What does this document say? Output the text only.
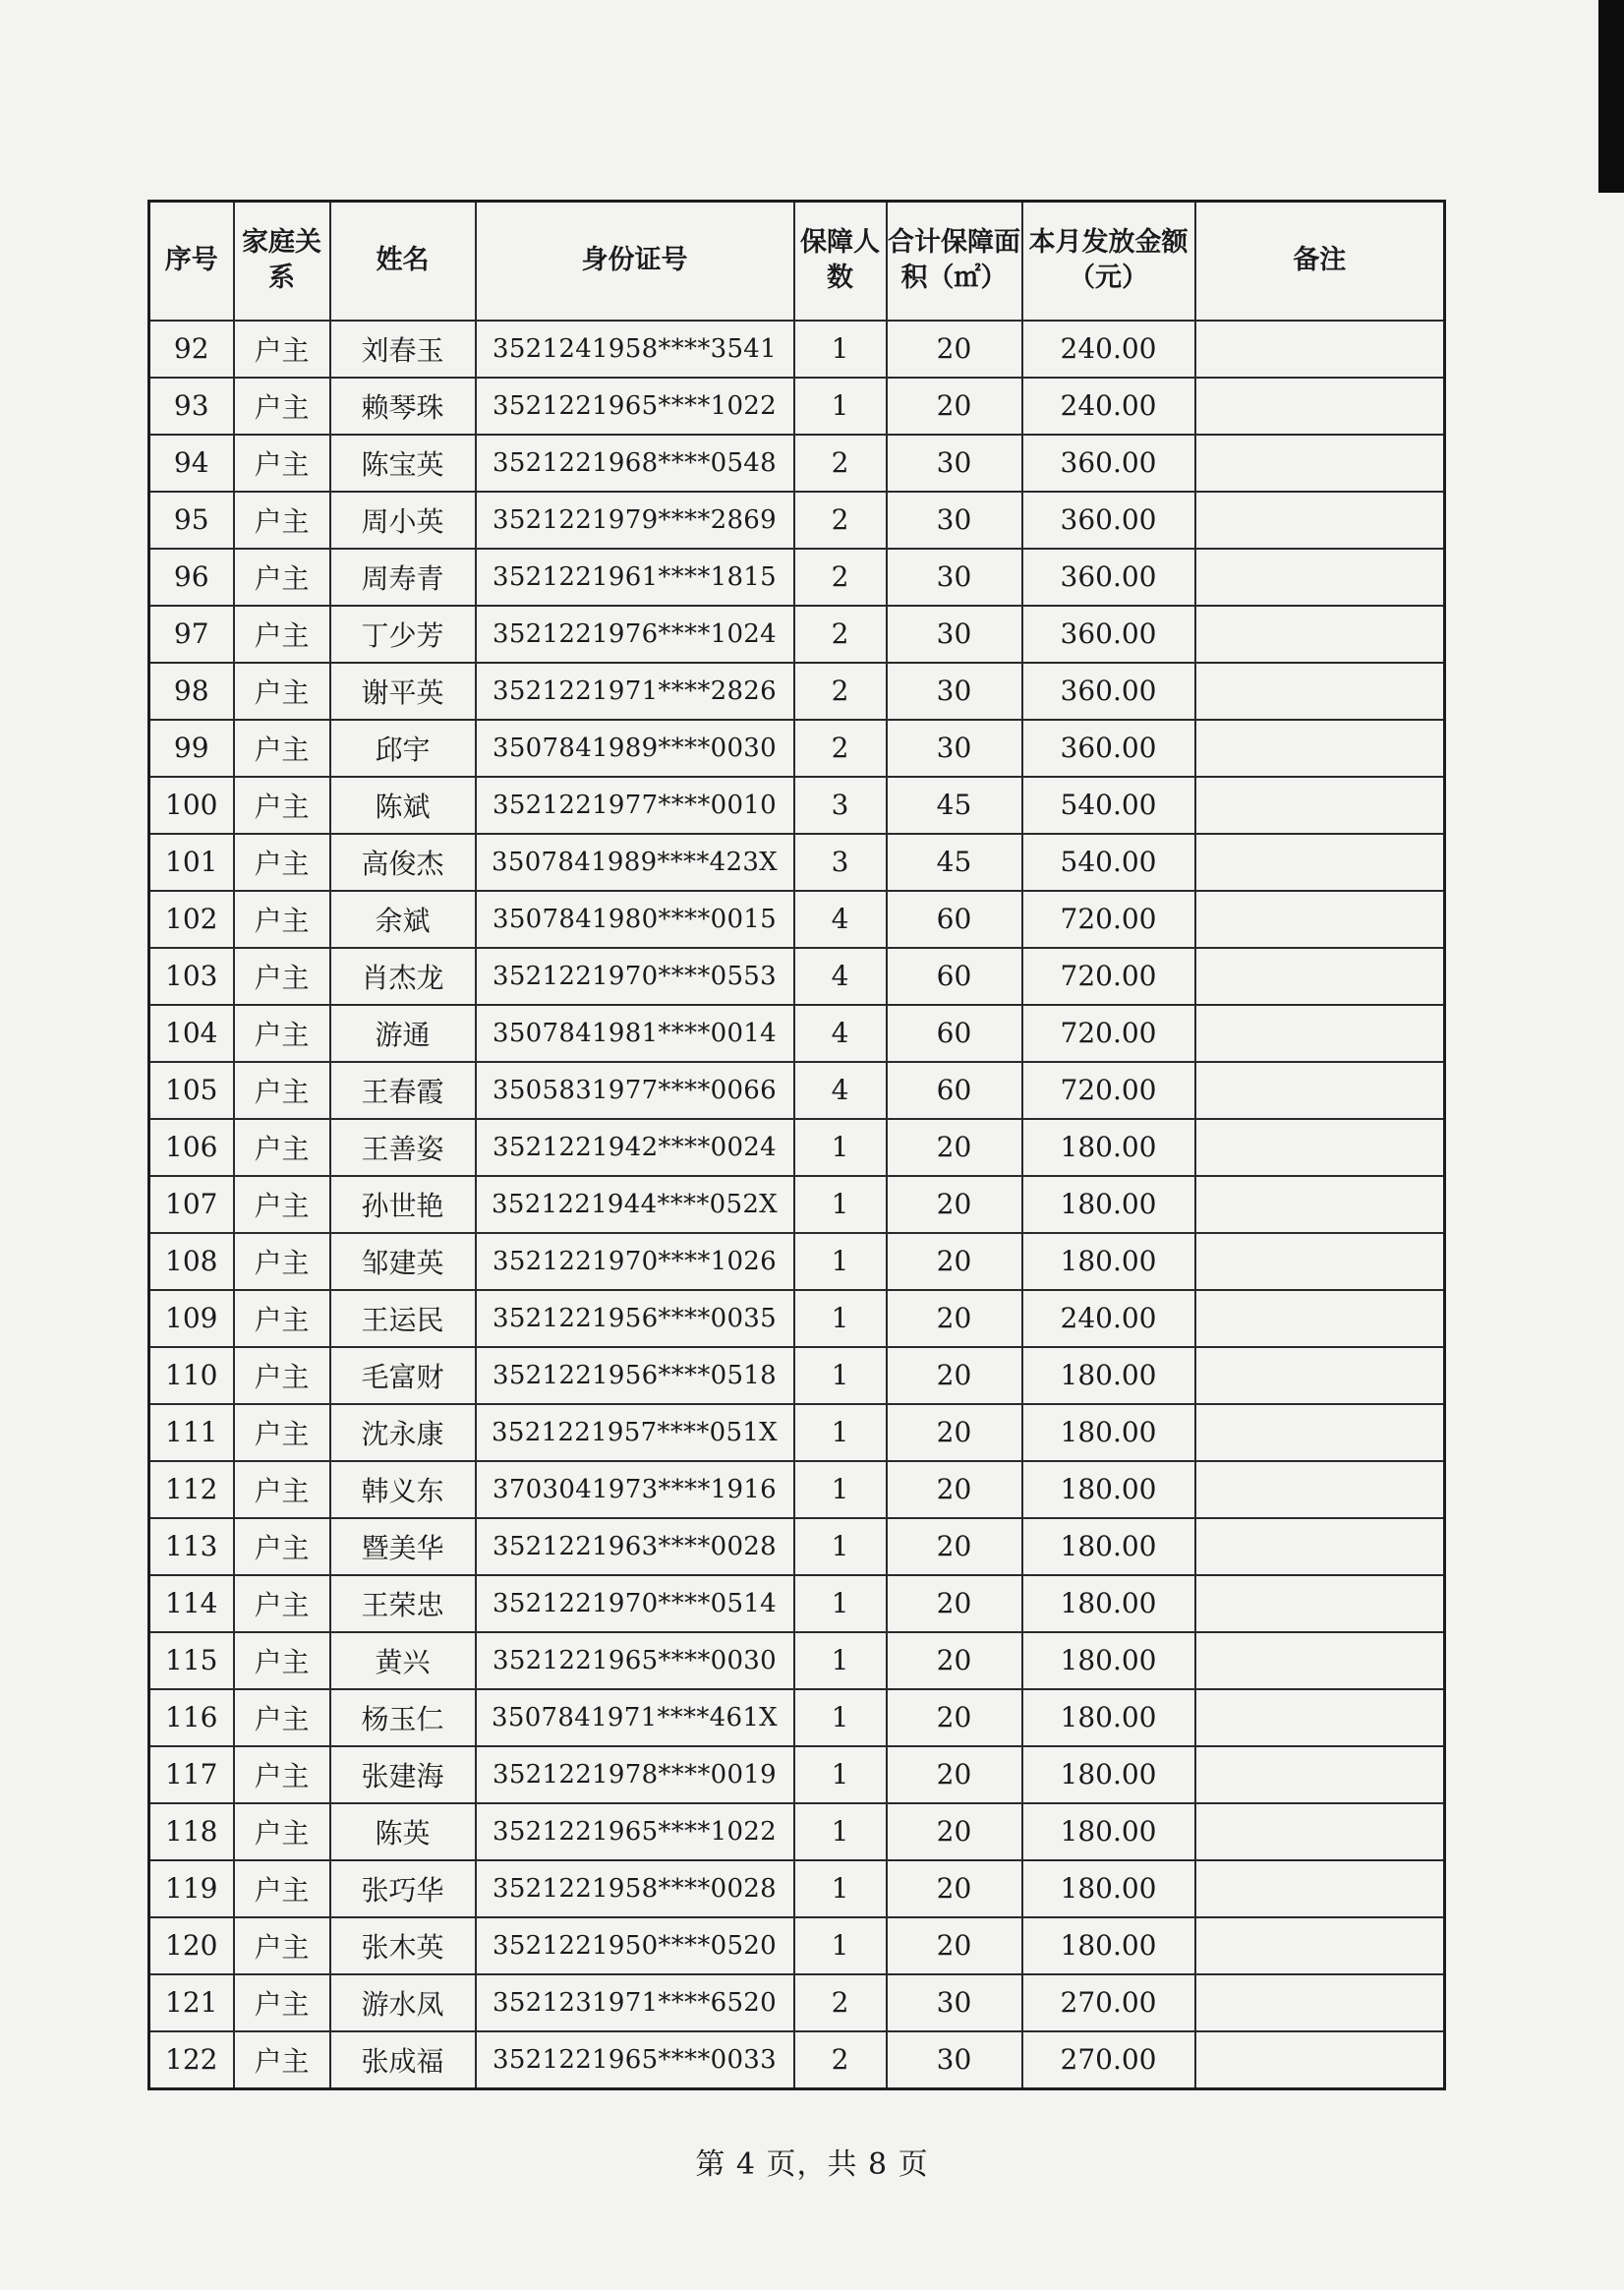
序号	家庭关系	姓名	身份证号	保障人数	合计保障面积（㎡）	本月发放金额（元）	备注
92	户主	刘春玉	3521241958****3541	1	20	240.00	
93	户主	赖琴珠	3521221965****1022	1	20	240.00	
94	户主	陈宝英	3521221968****0548	2	30	360.00	
95	户主	周小英	3521221979****2869	2	30	360.00	
96	户主	周寿青	3521221961****1815	2	30	360.00	
97	户主	丁少芳	3521221976****1024	2	30	360.00	
98	户主	谢平英	3521221971****2826	2	30	360.00	
99	户主	邱宇	3507841989****0030	2	30	360.00	
100	户主	陈斌	3521221977****0010	3	45	540.00	
101	户主	高俊杰	3507841989****423X	3	45	540.00	
102	户主	余斌	3507841980****0015	4	60	720.00	
103	户主	肖杰龙	3521221970****0553	4	60	720.00	
104	户主	游通	3507841981****0014	4	60	720.00	
105	户主	王春霞	3505831977****0066	4	60	720.00	
106	户主	王善姿	3521221942****0024	1	20	180.00	
107	户主	孙世艳	3521221944****052X	1	20	180.00	
108	户主	邹建英	3521221970****1026	1	20	180.00	
109	户主	王运民	3521221956****0035	1	20	240.00	
110	户主	毛富财	3521221956****0518	1	20	180.00	
111	户主	沈永康	3521221957****051X	1	20	180.00	
112	户主	韩义东	3703041973****1916	1	20	180.00	
113	户主	暨美华	3521221963****0028	1	20	180.00	
114	户主	王荣忠	3521221970****0514	1	20	180.00	
115	户主	黄兴	3521221965****0030	1	20	180.00	
116	户主	杨玉仁	3507841971****461X	1	20	180.00	
117	户主	张建海	3521221978****0019	1	20	180.00	
118	户主	陈英	3521221965****1022	1	20	180.00	
119	户主	张巧华	3521221958****0028	1	20	180.00	
120	户主	张木英	3521221950****0520	1	20	180.00	
121	户主	游水凤	3521231971****6520	2	30	270.00	
122	户主	张成福	3521221965****0033	2	30	270.00	
第 4 页，共 8 页
